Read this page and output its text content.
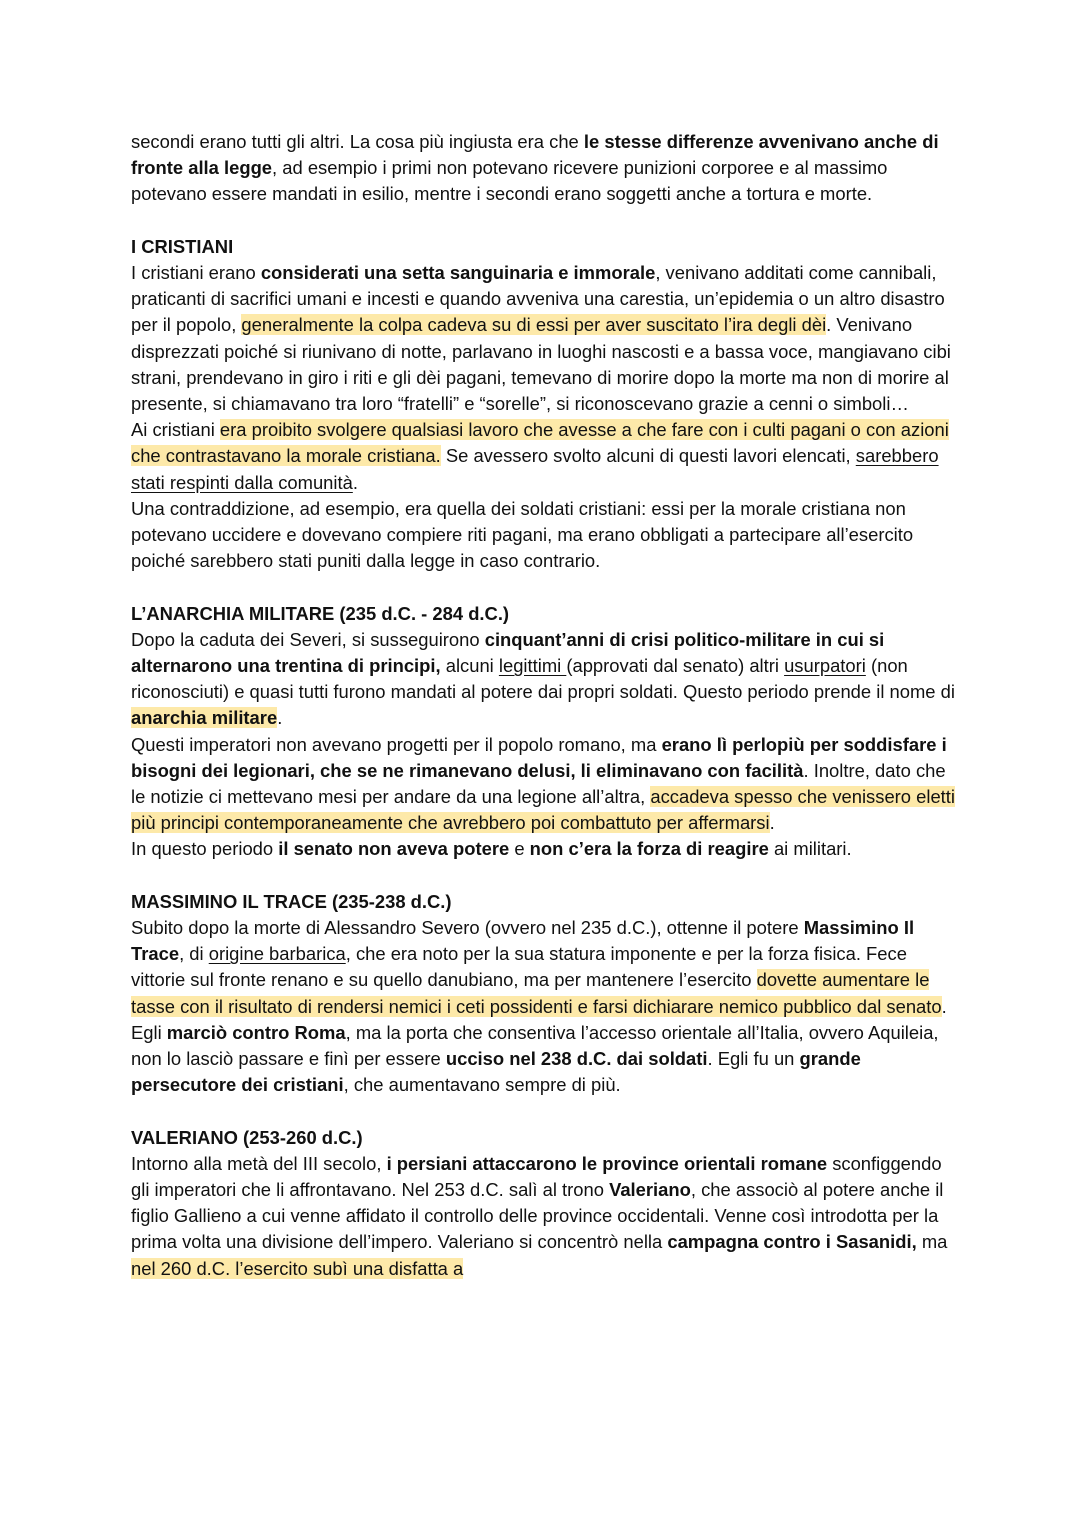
secondi erano tutti gli altri. La cosa più ingiusta era che le stesse differenze avvenivano anche di fronte alla legge, ad esempio i primi non potevano ricevere punizioni corporee e al massimo potevano essere mandati in esilio, mentre i secondi erano soggetti anche a tortura e morte.

I CRISTIANI

I cristiani erano considerati una setta sanguinaria e immorale, venivano additati come cannibali, praticanti di sacrifici umani e incesti e quando avveniva una carestia, un’epidemia o un altro disastro per il popolo, generalmente la colpa cadeva su di essi per aver suscitato l’ira degli dèi. Venivano disprezzati poiché si riunivano di notte, parlavano in luoghi nascosti e a bassa voce, mangiavano cibi strani, prendevano in giro i riti e gli dèi pagani, temevano di morire dopo la morte ma non di morire al presente, si chiamavano tra loro “fratelli” e “sorelle”, si riconoscevano grazie a cenni o simboli…

Ai cristiani era proibito svolgere qualsiasi lavoro che avesse a che fare con i culti pagani o con azioni che contrastavano la morale cristiana. Se avessero svolto alcuni di questi lavori elencati, sarebbero stati respinti dalla comunità.

Una contraddizione, ad esempio, era quella dei soldati cristiani: essi per la morale cristiana non potevano uccidere e dovevano compiere riti pagani, ma erano obbligati a partecipare all’esercito poiché sarebbero stati puniti dalla legge in caso contrario.

L’ANARCHIA MILITARE (235 d.C. - 284 d.C.)

Dopo la caduta dei Severi, si susseguirono cinquant’anni di crisi politico-militare in cui si alternarono una trentina di principi, alcuni legittimi (approvati dal senato) altri usurpatori (non riconosciuti) e quasi tutti furono mandati al potere dai propri soldati. Questo periodo prende il nome di anarchia militare.

Questi imperatori non avevano progetti per il popolo romano, ma erano lì perlopiù per soddisfare i bisogni dei legionari, che se ne rimanevano delusi, li eliminavano con facilità. Inoltre, dato che le notizie ci mettevano mesi per andare da una legione all’altra, accadeva spesso che venissero eletti più principi contemporaneamente che avrebbero poi combattuto per affermarsi.

In questo periodo il senato non aveva potere e non c’era la forza di reagire ai militari.

MASSIMINO IL TRACE (235-238 d.C.)

Subito dopo la morte di Alessandro Severo (ovvero nel 235 d.C.), ottenne il potere Massimino Il Trace, di origine barbarica, che era noto per la sua statura imponente e per la forza fisica. Fece vittorie sul fronte renano e su quello danubiano, ma per mantenere l’esercito dovette aumentare le tasse con il risultato di rendersi nemici i ceti possidenti e farsi dichiarare nemico pubblico dal senato. Egli marciò contro Roma, ma la porta che consentiva l’accesso orientale all’Italia, ovvero Aquileia, non lo lasciò passare e finì per essere ucciso nel 238 d.C. dai soldati. Egli fu un grande persecutore dei cristiani, che aumentavano sempre di più.

VALERIANO (253-260 d.C.)

Intorno alla metà del III secolo, i persiani attaccarono le province orientali romane sconfiggendo gli imperatori che li affrontavano. Nel 253 d.C. salì al trono Valeriano, che associò al potere anche il figlio Gallieno a cui venne affidato il controllo delle province occidentali. Venne così introdotta per la prima volta una divisione dell’impero. Valeriano si concentrò nella campagna contro i Sasanidi, ma nel 260 d.C. l’esercito subì una disfatta a
